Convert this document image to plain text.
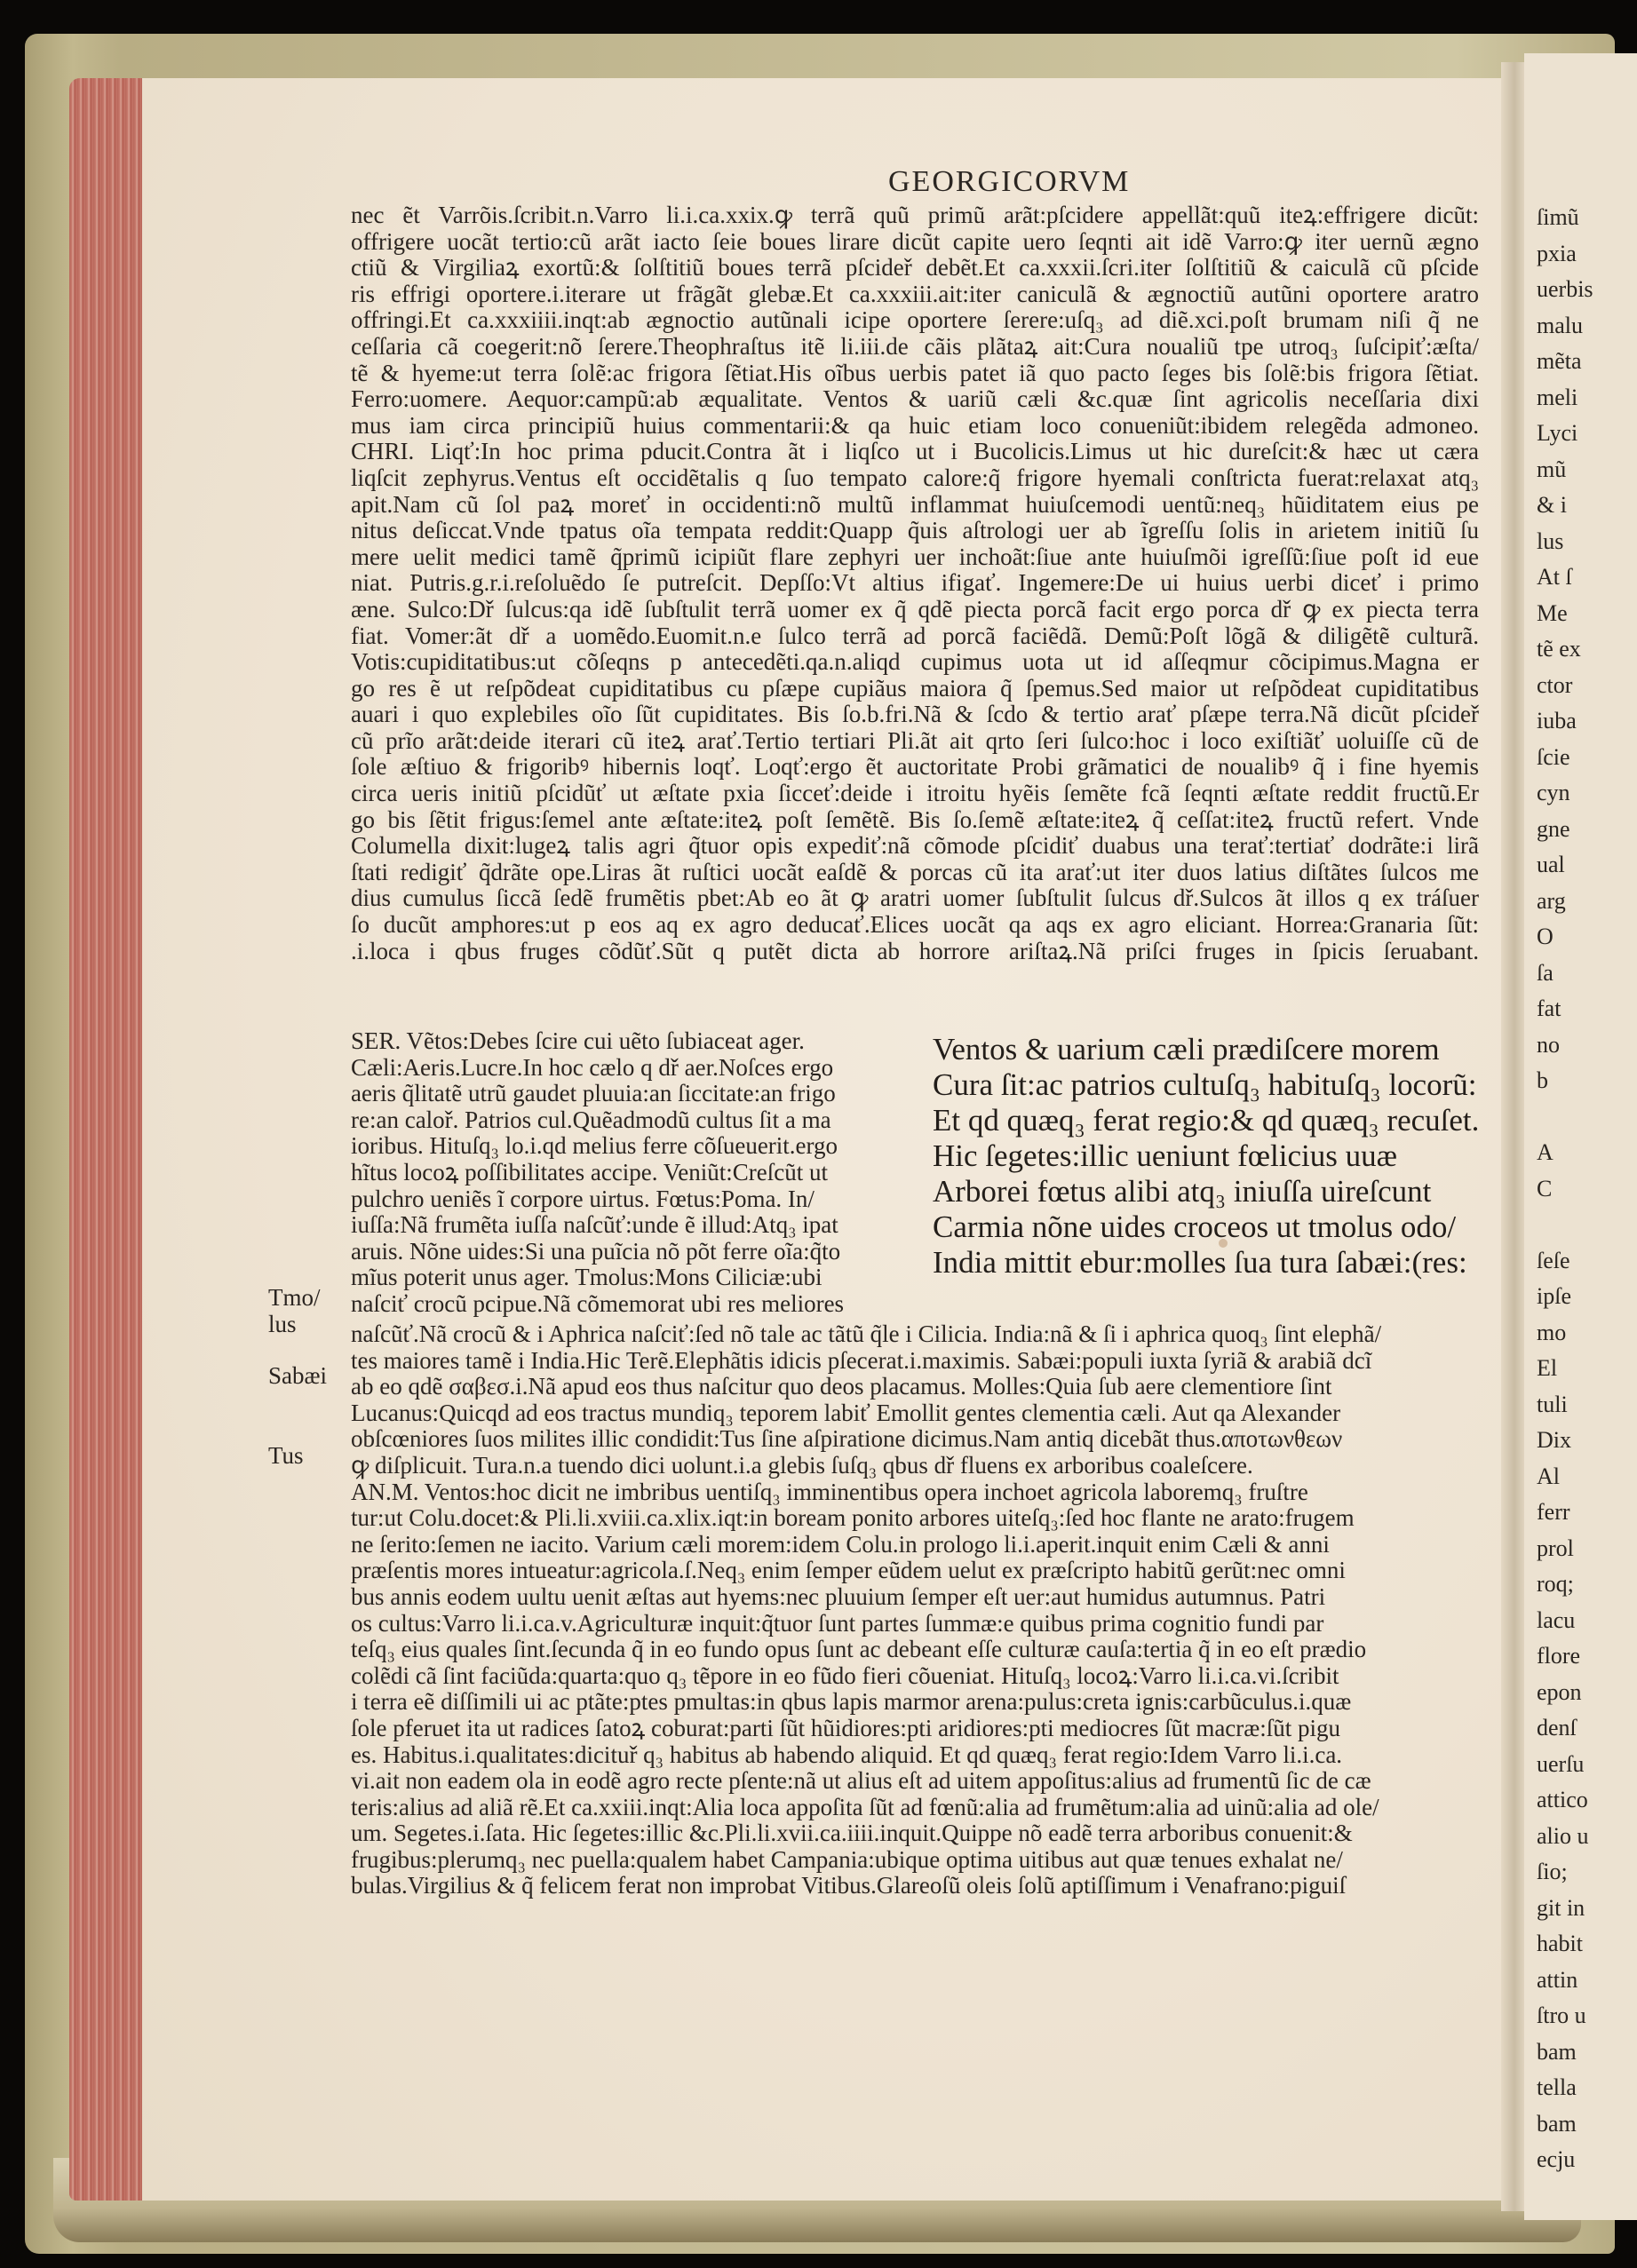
ſimũ
pxia
uerbis
malu
mẽta
meli
Lyci
mũ
& i
lus
At ſ
Me
tẽ ex
ctor
iuba
ſcie
cyn
gne
ual
arg
O
ſa
fat
no
b
A
C
ſeſe
ipſe
mo
El
tuli
Dix
Al
ferr
prol
roq;
lacu
flore
epon
denſ
uerſu
attico
alio u
ſio;
git in
habit
attin
ſtro u
bam
tella
bam
ecju
GEORGICORVM
nec ẽt Varrõis.ſcribit.n.Varro li.i.ca.xxix.ꝙ terrã quũ primũ arãt:pſcidere appellãt:quũ iteꝝ:effrigere dicũt:
offrigere uocãt tertio:cũ arãt iacto ſeie boues lirare dicũt capite uero ſeqnti ait idẽ Varro:ꝙ iter uernũ ægno
ctiũ & Virgiliaꝝ exortũ:& ſolſtitiũ boues terrã pſcideř debẽt.Et ca.xxxii.ſcri.iter ſolſtitiũ & caiculã cũ pſcide
ris effrigi oportere.i.iterare ut frãgãt glebæ.Et ca.xxxiii.ait:iter caniculã & ægnoctiũ autũni oportere aratro
offringi.Et ca.xxxiiii.inqt:ab ægnoctio autũnali icipe oportere ſerere:uſq₃ ad diẽ.xci.poſt brumam niſi q̃ ne
ceſſaria cã coegerit:nõ ſerere.Theophraſtus itẽ li.iii.de cãis plãtaꝝ ait:Cura noualiũ tpe utroq₃ ſuſcipiť:æſta/
tẽ & hyeme:ut terra ſolẽ:ac frigora ſẽtiat.His oĩbus uerbis patet iã quo pacto ſeges bis ſolẽ:bis frigora ſẽtiat.
Ferro:uomere. Aequor:campũ:ab æqualitate. Ventos & uariũ cæli &c.quæ ſint agricolis neceſſaria dixi
mus iam circa principiũ huius commentarii:& qa huic etiam loco conueniũt:ibidem relegẽda admoneo.
CHRI. Liqť:In hoc prima pducit.Contra ãt i liqſco ut i Bucolicis.Limus ut hic dureſcit:& hæc ut cæra
liqſcit zephyrus.Ventus eſt occidẽtalis q ſuo tempato calore:q̃ frigore hyemali conſtricta fuerat:relaxat atq₃
apit.Nam cũ ſol paꝝ moreť in occidenti:nõ multũ inflammat huiuſcemodi uentũ:neq₃ hũiditatem eius pe
nitus deſiccat.Vnde tpatus oĩa tempata reddit:Quapp q̃uis aſtrologi uer ab ĩgreſſu ſolis in arietem initiũ ſu
mere uelit medici tamẽ q̃primũ icipiũt flare zephyri uer inchoãt:ſiue ante huiuſmõi igreſſũ:ſiue poſt id eue
niat. Putris.g.r.i.reſoluẽdo ſe putreſcit. Depſſo:Vt altius ifigať. Ingemere:De ui huius uerbi diceť i primo
æne. Sulco:Dř ſulcus:qa idẽ ſubſtulit terrã uomer ex q̃ qdẽ piecta porcã facit ergo porca dř ꝙ ex piecta terra
fiat. Vomer:ãt dř a uomẽdo.Euomit.n.e ſulco terrã ad porcã faciẽdã. Demũ:Poſt lõgã & diligẽtẽ culturã.
Votis:cupiditatibus:ut cõſeqns p antecedẽti.qa.n.aliqd cupimus uota ut id aſſeqmur cõcipimus.Magna er
go res ẽ ut reſpõdeat cupiditatibus cu pſæpe cupiãus maiora q̃ ſpemus.Sed maior ut reſpõdeat cupiditatibus
auari i quo explebiles oĩo ſũt cupiditates. Bis ſo.b.fri.Nã & ſcdo & tertio arať pſæpe terra.Nã dicũt pſcideř
cũ prĩo arãt:deide iterari cũ iteꝝ arať.Tertio tertiari Pli.ãt ait qrto ſeri ſulco:hoc i loco exiſtiãť uoluiſſe cũ de
ſole æſtiuo & frigoribꝰ hibernis loqť. Loqť:ergo ẽt auctoritate Probi grãmatici de noualibꝰ q̃ i fine hyemis
circa ueris initiũ pſcidũť ut æſtate pxia ſicceť:deide i itroitu hyẽis ſemẽte fcã ſeqnti æſtate reddit fructũ.Er
go bis ſẽtit frigus:ſemel ante æſtate:iteꝝ poſt ſemẽtẽ. Bis ſo.ſemẽ æſtate:iteꝝ q̃ ceſſat:iteꝝ fructũ refert. Vnde
Columella dixit:lugeꝝ talis agri q̃tuor opis expediť:nã cõmode pſcidiť duabus una terať:tertiať dodrãte:i lirã
ſtati redigiť q̃drãte ope.Liras ãt ruſtici uocãt eaſdẽ & porcas cũ ita arať:ut iter duos latius diſtãtes ſulcos me
dius cumulus ſiccã ſedẽ frumẽtis pbet:Ab eo ãt ꝙ aratri uomer ſubſtulit ſulcus dř.Sulcos ãt illos q ex tráſuer
ſo ducũt amphores:ut p eos aq ex agro deducať.Elices uocãt qa aqs ex agro eliciant. Horrea:Granaria ſũt:
.i.loca i qbus fruges cõdũť.Sũt q putẽt dicta ab horrore ariſtaꝝ.Nã priſci fruges in ſpicis ſeruabant.
SER. Vẽtos:Debes ſcire cui uẽto ſubiaceat ager.
Cæli:Aeris.Lucre.In hoc cælo q dř aer.Noſces ergo
aeris q̃litatẽ utrũ gaudet pluuia:an ſiccitate:an frigo
re:an caloř. Patrios cul.Quẽadmodũ cultus ſit a ma
ioribus. Hituſq₃ lo.i.qd melius ferre cõſueuerit.ergo
hĩtus locoꝝ poſſibilitates accipe. Veniũt:Creſcũt ut
pulchro ueniẽs ĩ corpore uirtus. Fœtus:Poma. In/
iuſſa:Nã frumẽta iuſſa naſcũť:unde ẽ illud:Atq₃ ipat
aruis. Nõne uides:Si una puĩcia nõ põt ferre oĩa:q̃to
mĩus poterit unus ager. Tmolus:Mons Ciliciæ:ubi
naſciť crocũ pcipue.Nã cõmemorat ubi res meliores
Ventos & uarium cæli prædiſcere morem
Cura ſit:ac patrios cultuſq₃ habituſq₃ locorũ:
Et qd quæq₃ ferat regio:& qd quæq₃ recuſet.
Hic ſegetes:illic ueniunt fœlicius uuæ
Arborei fœtus alibi atq₃ iniuſſa uireſcunt
Carmia nõne uides croceos ut tmolus odo/
India mittit ebur:molles ſua tura ſabæi:(res:
Tmo/
lus
Sabæi
Tus
naſcũť.Nã crocũ & i Aphrica naſciť:ſed nõ tale ac tãtũ q̃le i Cilicia. India:nã & ſi i aphrica quoq₃ ſint elephã/
tes maiores tamẽ i India.Hic Terẽ.Elephãtis idicis pſecerat.i.maximis. Sabæi:populi iuxta ſyriã & arabiã dcĩ
ab eo qdẽ σαβεσ.i.Nã apud eos thus naſcitur quo deos placamus. Molles:Quia ſub aere clementiore ſint
Lucanus:Quicqd ad eos tractus mundiq₃ teporem labiť Emollit gentes clementia cæli. Aut qa Alexander
obſcœniores ſuos milites illic condidit:Tus ſine aſpiratione dicimus.Nam antiq dicebãt thus.αποτωνθεων
ꝙ diſplicuit. Tura.n.a tuendo dici uolunt.i.a glebis ſuſq₃ qbus dř fluens ex arboribus coaleſcere.
AN.M. Ventos:hoc dicit ne imbribus uentiſq₃ imminentibus opera inchoet agricola laboremq₃ fruſtre
tur:ut Colu.docet:& Pli.li.xviii.ca.xlix.iqt:in boream ponito arbores uiteſq₃:ſed hoc flante ne arato:frugem
ne ſerito:ſemen ne iacito. Varium cæli morem:idem Colu.in prologo li.i.aperit.inquit enim Cæli & anni
præſentis mores intueatur:agricola.ſ.Neq₃ enim ſemper eũdem uelut ex præſcripto habitũ gerũt:nec omni
bus annis eodem uultu uenit æſtas aut hyems:nec pluuium ſemper eſt uer:aut humidus autumnus. Patri
os cultus:Varro li.i.ca.v.Agriculturæ inquit:q̃tuor ſunt partes ſummæ:e quibus prima cognitio fundi par
teſq₃ eius quales ſint.ſecunda q̃ in eo fundo opus ſunt ac debeant eſſe culturæ cauſa:tertia q̃ in eo eſt prædio
colẽdi cã ſint faciũda:quarta:quo q₃ tẽpore in eo fũdo fieri cõueniat. Hituſq₃ locoꝝ:Varro li.i.ca.vi.ſcribit
i terra eẽ diſſimili ui ac ptãte:ptes pmultas:in qbus lapis marmor arena:pulus:creta ignis:carbũculus.i.quæ
ſole pferuet ita ut radices ſatoꝝ coburat:parti ſũt hũidiores:pti aridiores:pti mediocres ſũt macræ:ſũt pigu
es. Habitus.i.qualitates:dicituř q₃ habitus ab habendo aliquid. Et qd quæq₃ ferat regio:Idem Varro li.i.ca.
vi.ait non eadem ola in eodẽ agro recte pſente:nã ut alius eſt ad uitem appoſitus:alius ad frumentũ ſic de cæ
teris:alius ad aliã rẽ.Et ca.xxiii.inqt:Alia loca appoſita ſũt ad fœnũ:alia ad frumẽtum:alia ad uinũ:alia ad ole/
um. Segetes.i.ſata. Hic ſegetes:illic &c.Pli.li.xvii.ca.iiii.inquit.Quippe nõ eadẽ terra arboribus conuenit:&
frugibus:plerumq₃ nec puella:qualem habet Campania:ubique optima uitibus aut quæ tenues exhalat ne/
bulas.Virgilius & q̃ felicem ferat non improbat Vitibus.Glareoſũ oleis ſolũ aptiſſimum i Venafrano:piguiſ
